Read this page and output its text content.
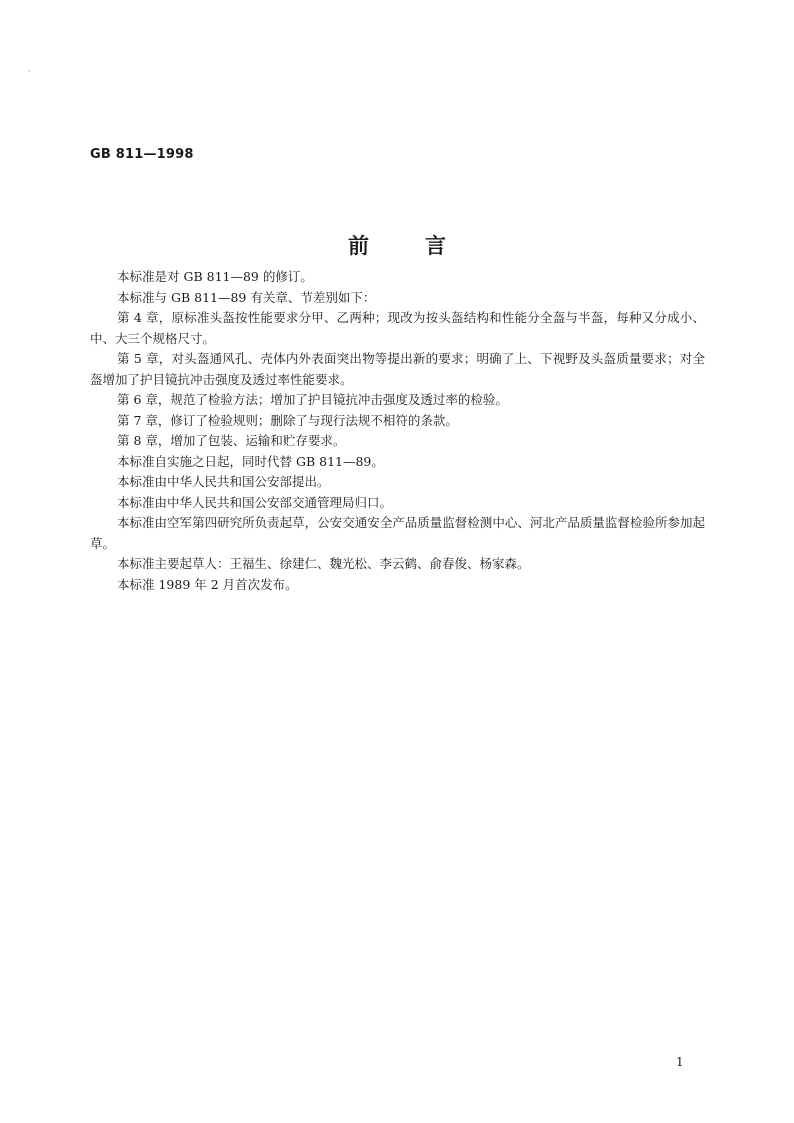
GB 811—1998
前言

本标准是对 GB 811—89 的修订。

本标准与 GB 811—89 有关章、节差别如下：

第 4 章，原标准头盔按性能要求分甲、乙两种；现改为按头盔结构和性能分全盔与半盔，每种又分成小、中、大三个规格尺寸。

第 5 章，对头盔通风孔、壳体内外表面突出物等提出新的要求；明确了上、下视野及头盔质量要求；对全盔增加了护目镜抗冲击强度及透过率性能要求。

第 6 章，规范了检验方法；增加了护目镜抗冲击强度及透过率的检验。

第 7 章，修订了检验规则；删除了与现行法规不相符的条款。

第 8 章，增加了包装、运输和贮存要求。

本标准自实施之日起，同时代替 GB 811—89。

本标准由中华人民共和国公安部提出。

本标准由中华人民共和国公安部交通管理局归口。

本标准由空军第四研究所负责起草，公安交通安全产品质量监督检测中心、河北产品质量监督检验所参加起草。

本标准主要起草人：王福生、徐建仁、魏光松、李云鹤、俞春俊、杨家森。

本标准 1989 年 2 月首次发布。

1
